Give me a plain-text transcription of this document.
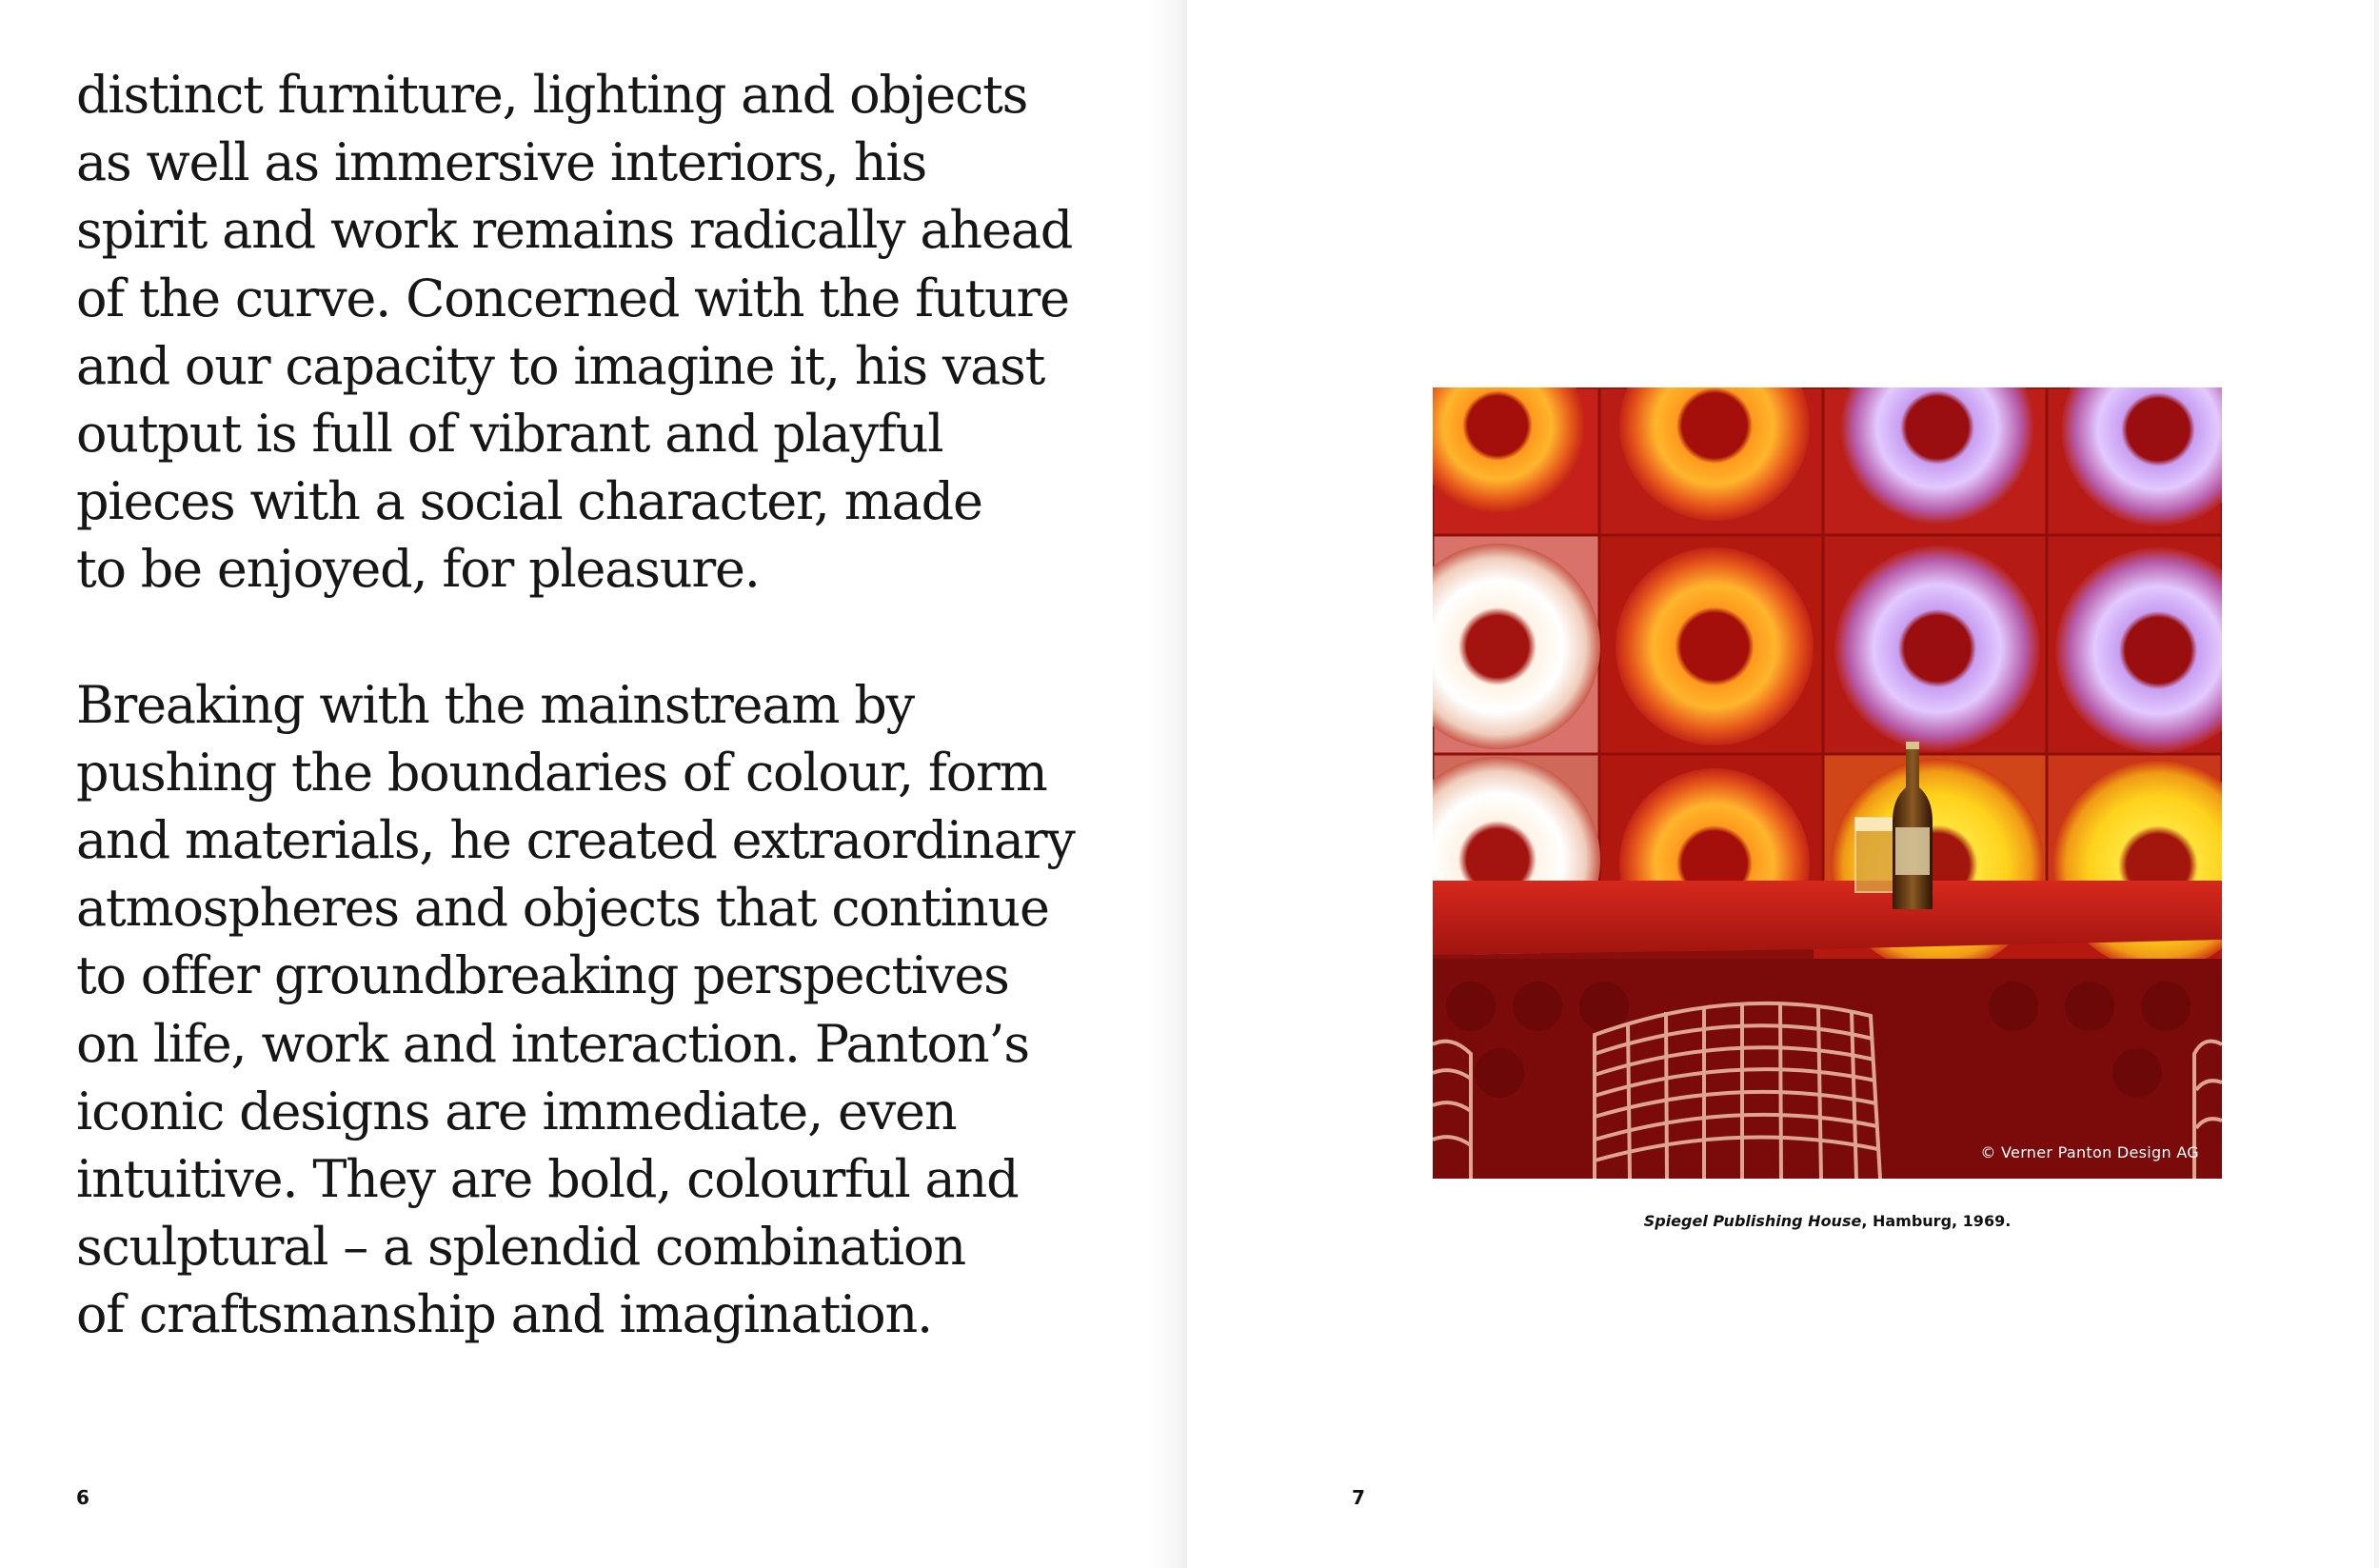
distinct furniture, lighting and objects
as well as immersive interiors, his
spirit and work remains radically ahead
of the curve. Concerned with the future
and our capacity to imagine it, his vast
output is full of vibrant and playful
pieces with a social character, made
to be enjoyed, for pleasure.
Breaking with the mainstream by
pushing the boundaries of colour, form
and materials, he created extraordinary
atmospheres and objects that continue
to offer groundbreaking perspectives
on life, work and interaction. Panton’s
iconic designs are immediate, even
intuitive. They are bold, colourful and
sculptural – a splendid combination
of craftsmanship and imagination.
6
© Verner Panton Design AG
Spiegel Publishing House, Hamburg, 1969.
7
